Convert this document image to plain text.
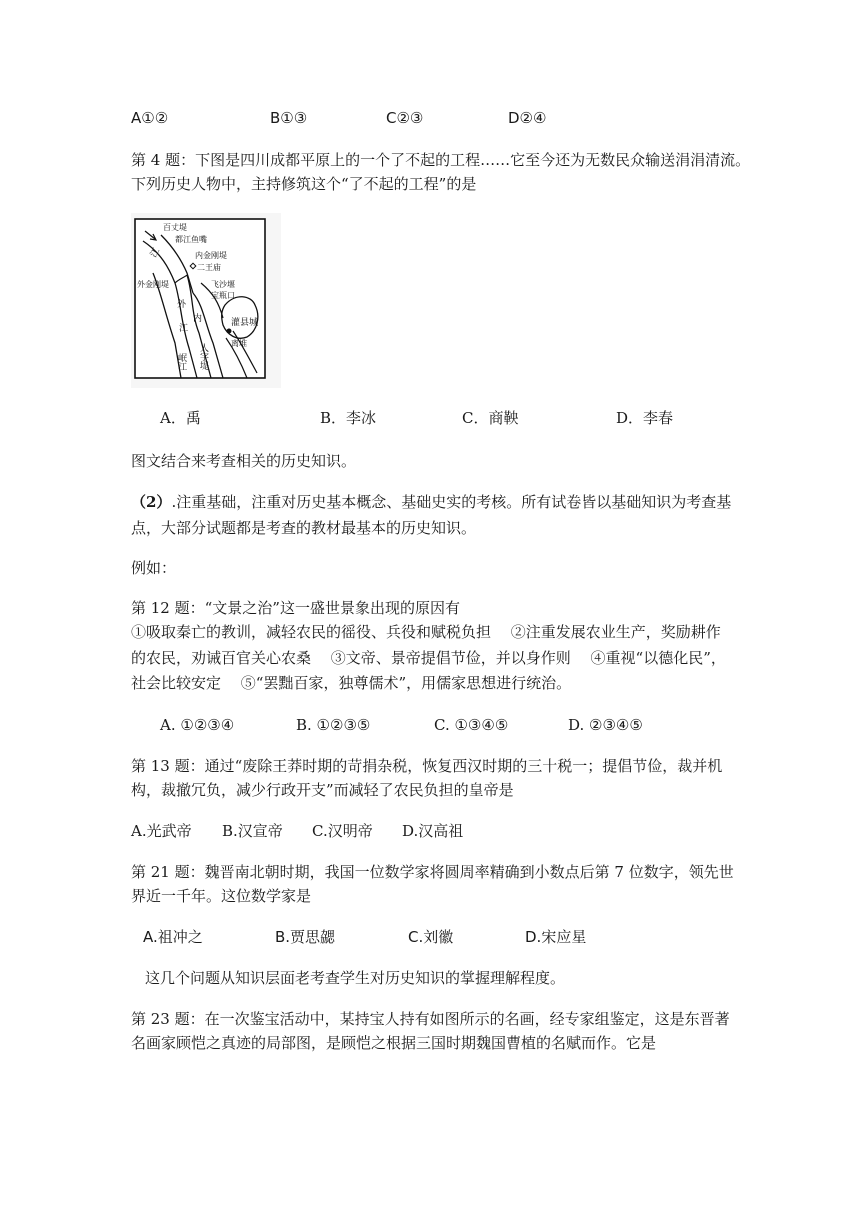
A①②	B①③	C②③	D②④
第 4 题：下图是四川成都平原上的一个了不起的工程……它至今还为无数民众输送涓涓清流。
下列历史人物中，主持修筑这个“了不起的工程”的是
百丈堤
都江鱼嘴
内金刚堤
二王庙
外金刚堤	飞沙堰
宝瓶口
灌县城
离堆
江
外
江
内
岷江 人字堤
A．禹	B．李冰	C．商鞅	D．李春
图文结合来考查相关的历史知识。
（2）.注重基础，注重对历史基本概念、基础史实的考核。所有试卷皆以基础知识为考查基
点，大部分试题都是考查的教材最基本的历史知识。
例如：
第 12 题：“文景之治”这一盛世景象出现的原因有
①吸取秦亡的教训，减轻农民的徭役、兵役和赋税负担　 ②注重发展农业生产，奖励耕作
的农民，劝诫百官关心农桑　 ③文帝、景帝提倡节俭，并以身作则　 ④重视“以德化民”，
社会比较安定　 ⑤“罢黜百家，独尊儒术”，用儒家思想进行统治。
A. ①②③④	B. ①②③⑤	C. ①③④⑤	D. ②③④⑤
第 13 题：通过“废除王莽时期的苛捐杂税，恢复西汉时期的三十税一；提倡节俭，裁并机
构，裁撤冗负，减少行政开支”而减轻了农民负担的皇帝是
A.光武帝 B.汉宣帝 C.汉明帝 D.汉高祖
第 21 题：魏晋南北朝时期，我国一位数学家将圆周率精确到小数点后第 7 位数字，领先世
界近一千年。这位数学家是
A.祖冲之	B.贾思勰	C.刘徽	D.宋应星
这几个问题从知识层面老考查学生对历史知识的掌握理解程度。
第 23 题：在一次鉴宝活动中，某持宝人持有如图所示的名画，经专家组鉴定，这是东晋著
名画家顾恺之真迹的局部图，是顾恺之根据三国时期魏国曹植的名赋而作。它是
